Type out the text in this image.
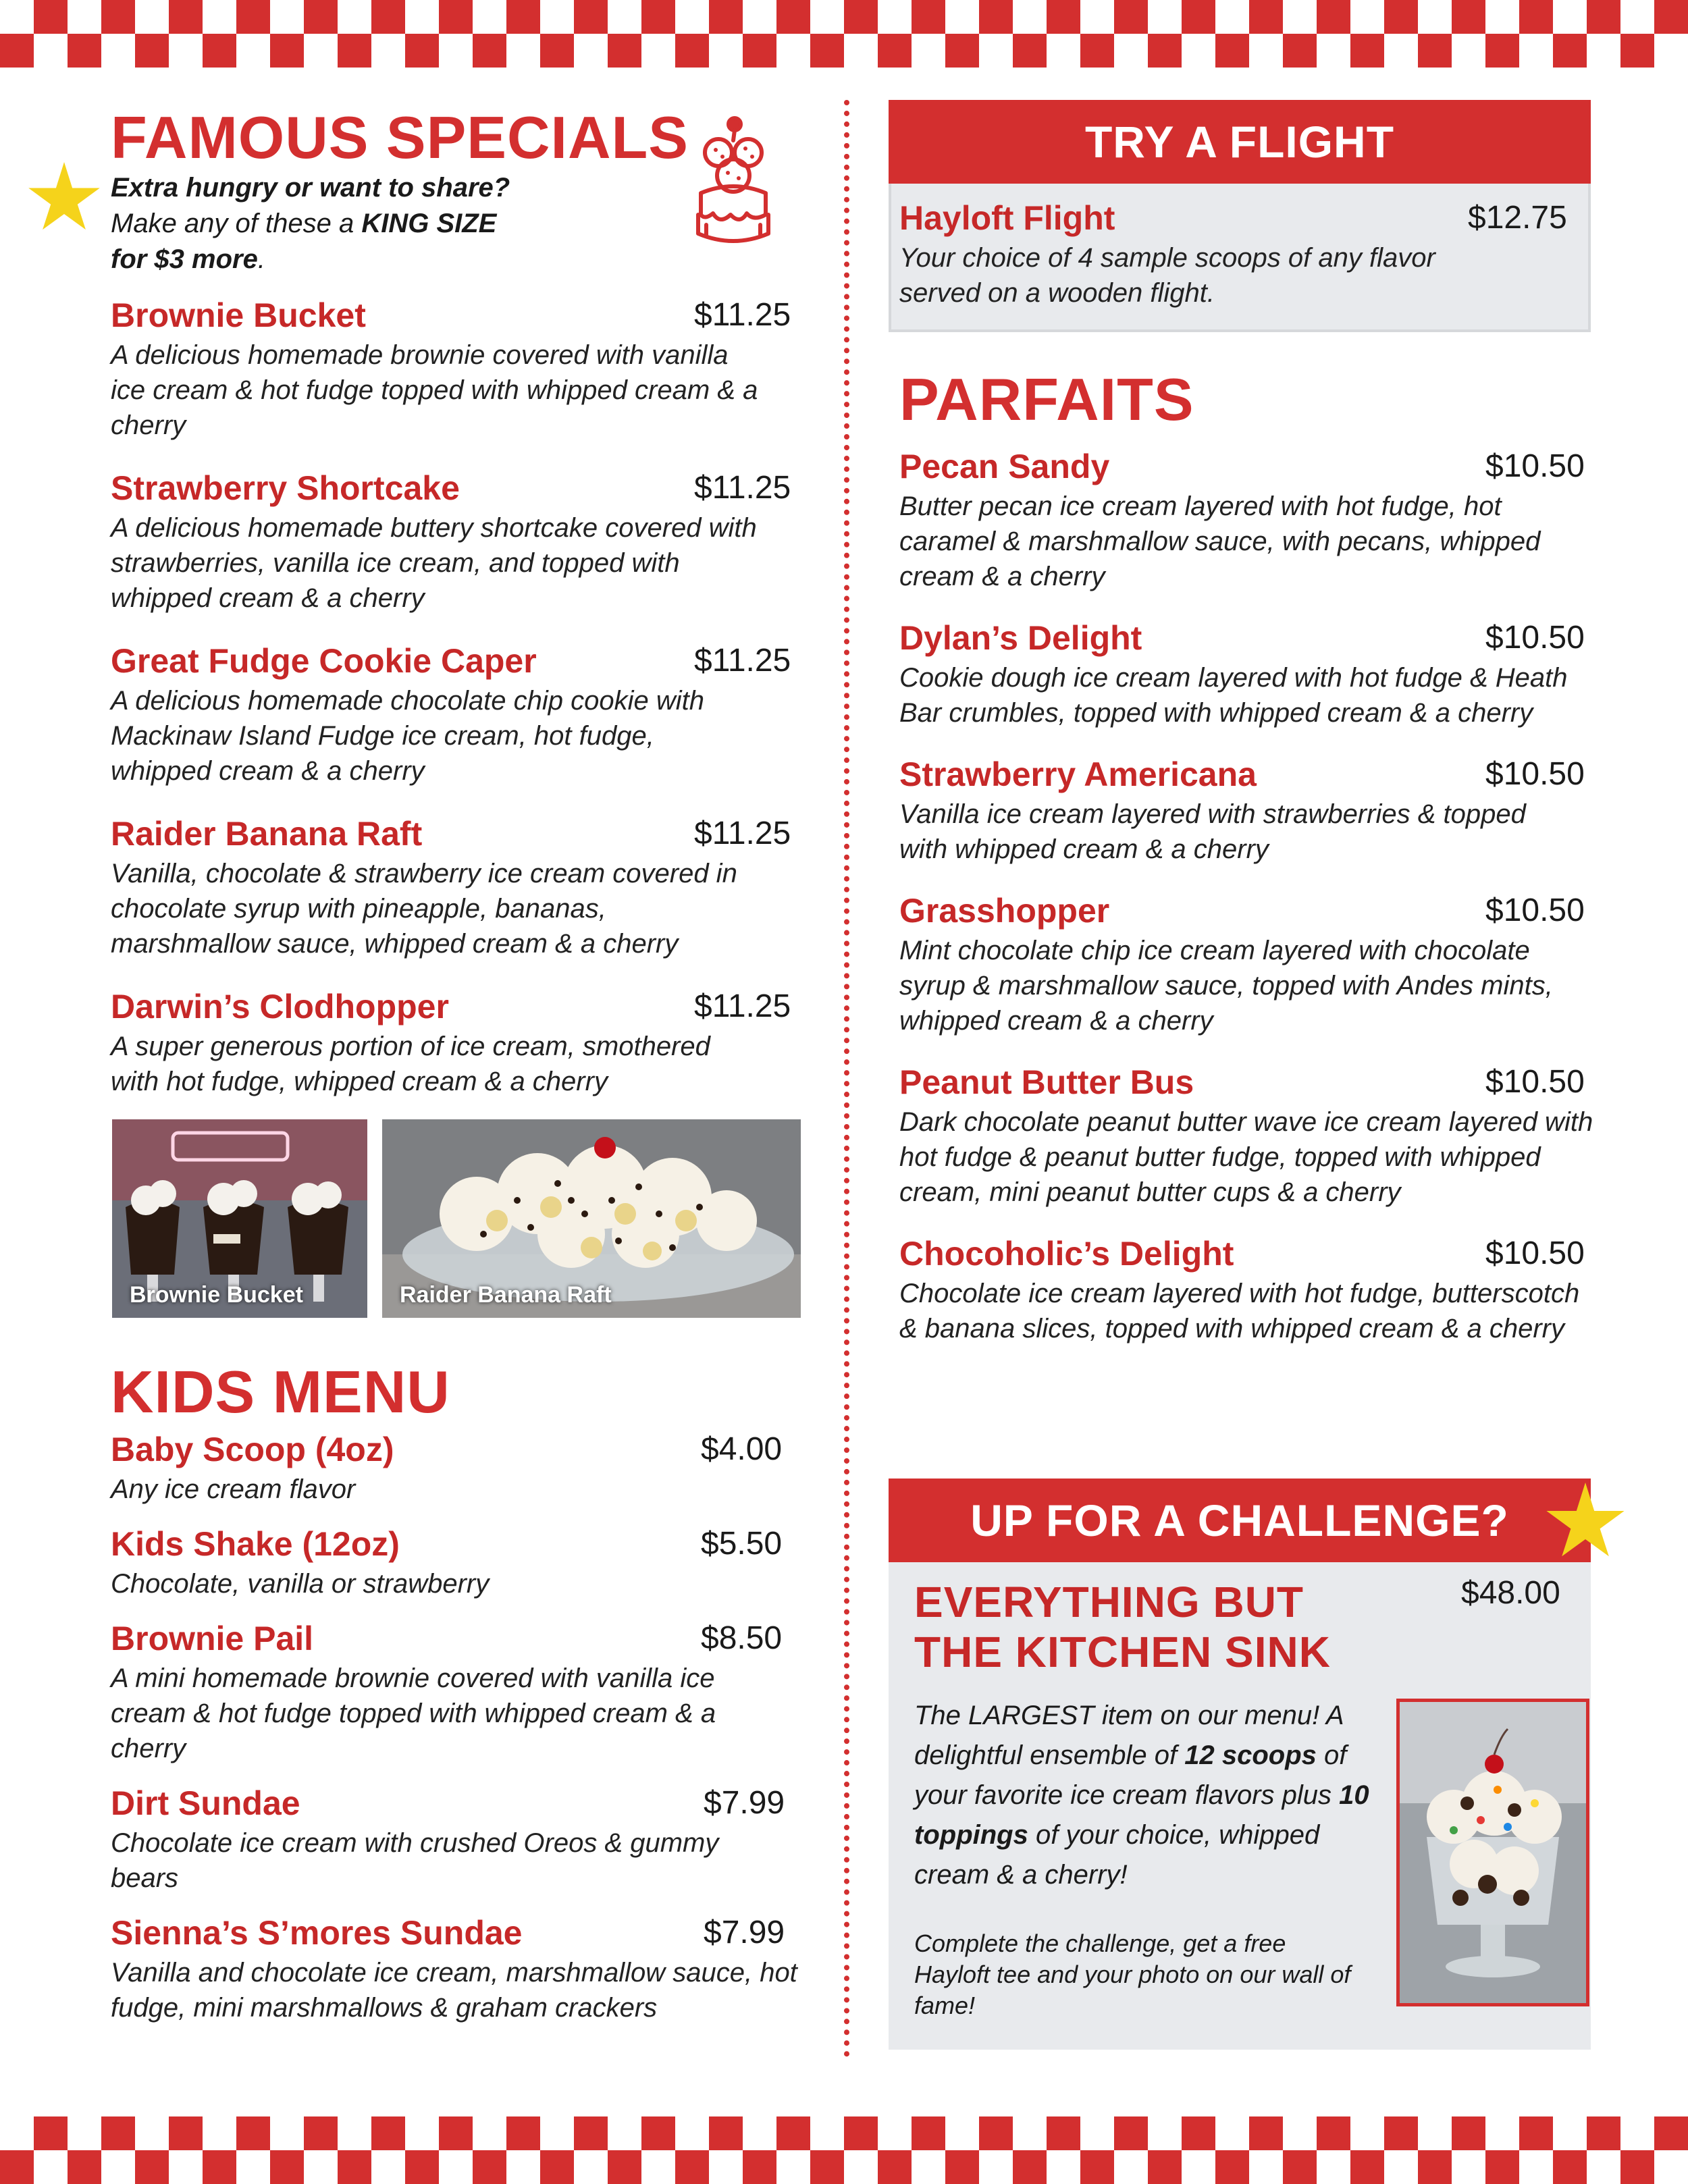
FAMOUS SPECIALS
Extra hungry or want to share?
Make any of these a KING SIZE
for $3 more.
Brownie Bucket	$11.25
A delicious homemade brownie covered with vanilla ice cream & hot fudge topped with whipped cream & a cherry
Strawberry Shortcake	$11.25
A delicious homemade buttery shortcake covered with strawberries, vanilla ice cream, and topped with whipped cream & a cherry
Great Fudge Cookie Caper	$11.25
A delicious homemade chocolate chip cookie with Mackinaw Island Fudge ice cream, hot fudge, whipped cream & a cherry
Raider Banana Raft	$11.25
Vanilla, chocolate & strawberry ice cream covered in chocolate syrup with pineapple, bananas, marshmallow sauce, whipped cream & a cherry
Darwin’s Clodhopper	$11.25
A super generous portion of ice cream, smothered with hot fudge, whipped cream & a cherry
Brownie Bucket	Raider Banana Raft
KIDS MENU
Baby Scoop (4oz)	$4.00
Any ice cream flavor
Kids Shake (12oz)	$5.50
Chocolate, vanilla or strawberry
Brownie Pail	$8.50
A mini homemade brownie covered with vanilla ice cream & hot fudge topped with whipped cream & a cherry
Dirt Sundae	$7.99
Chocolate ice cream with crushed Oreos & gummy bears
Sienna’s S’mores Sundae	$7.99
Vanilla and chocolate ice cream, marshmallow sauce, hot fudge, mini marshmallows & graham crackers
TRY A FLIGHT
Hayloft Flight	$12.75
Your choice of 4 sample scoops of any flavor served on a wooden flight.
PARFAITS
Pecan Sandy	$10.50
Butter pecan ice cream layered with hot fudge, hot caramel & marshmallow sauce, with pecans, whipped cream & a cherry
Dylan’s Delight	$10.50
Cookie dough ice cream layered with hot fudge & Heath Bar crumbles, topped with whipped cream & a cherry
Strawberry Americana	$10.50
Vanilla ice cream layered with strawberries & topped with whipped cream & a cherry
Grasshopper	$10.50
Mint chocolate chip ice cream layered with chocolate syrup & marshmallow sauce, topped with Andes mints, whipped cream & a cherry
Peanut Butter Bus	$10.50
Dark chocolate peanut butter wave ice cream layered with hot fudge & peanut butter fudge, topped with whipped cream, mini peanut butter cups & a cherry
Chocoholic’s Delight	$10.50
Chocolate ice cream layered with hot fudge, butterscotch & banana slices, topped with whipped cream & a cherry
UP FOR A CHALLENGE?
EVERYTHING BUT
THE KITCHEN SINK
$48.00
The LARGEST item on our menu! A delightful ensemble of 12 scoops of your favorite ice cream flavors plus 10 toppings of your choice, whipped cream & a cherry!
Complete the challenge, get a free Hayloft tee and your photo on our wall of fame!
